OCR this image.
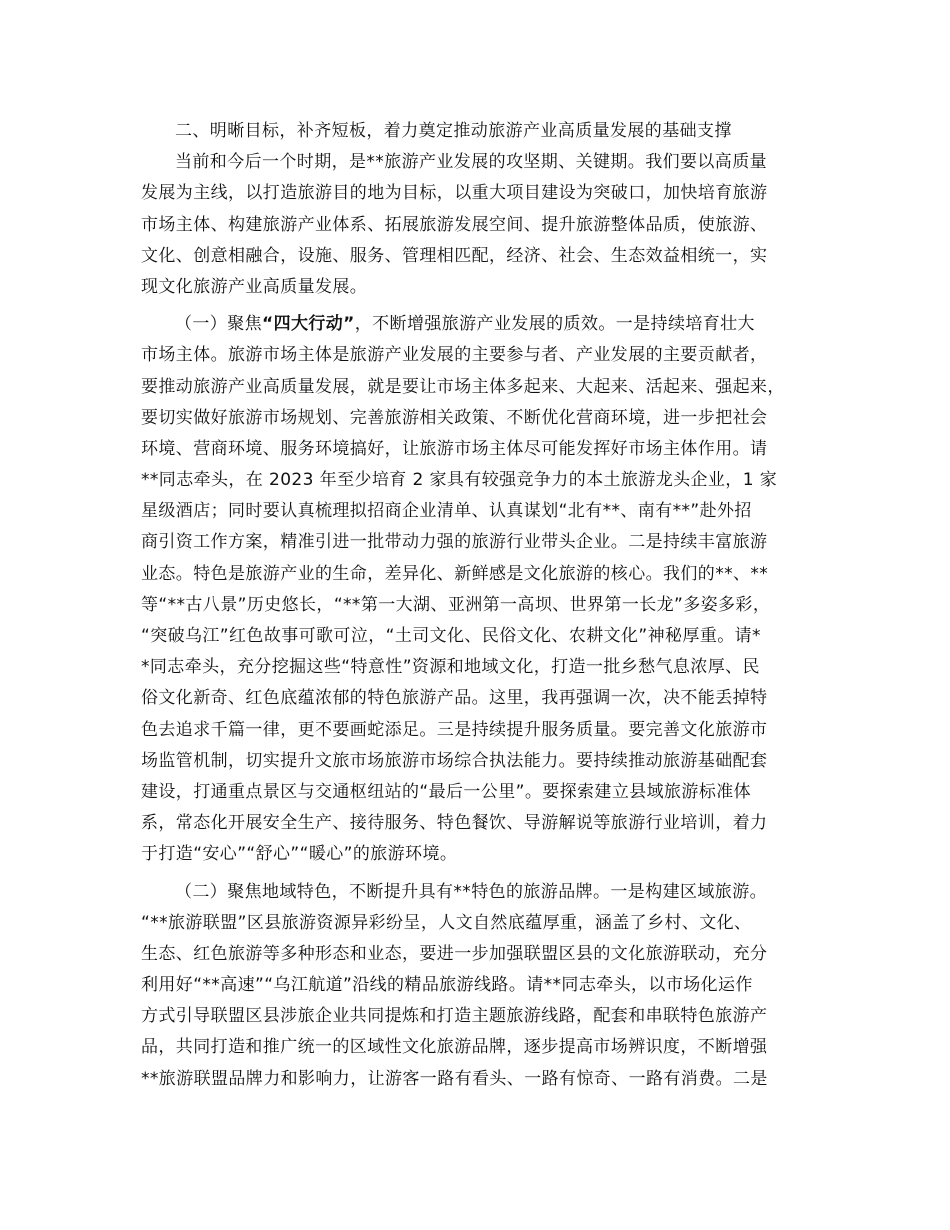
二、明晰目标，补齐短板，着力奠定推动旅游产业高质量发展的基础支撑
当前和今后一个时期，是**旅游产业发展的攻坚期、关键期。我们要以高质量
发展为主线，以打造旅游目的地为目标，以重大项目建设为突破口，加快培育旅游
市场主体、构建旅游产业体系、拓展旅游发展空间、提升旅游整体品质，使旅游、
文化、创意相融合，设施、服务、管理相匹配，经济、社会、生态效益相统一，实
现文化旅游产业高质量发展。
（一）聚焦“四大行动”，不断增强旅游产业发展的质效。一是持续培育壮大
市场主体。旅游市场主体是旅游产业发展的主要参与者、产业发展的主要贡献者，
要推动旅游产业高质量发展，就是要让市场主体多起来、大起来、活起来、强起来，
要切实做好旅游市场规划、完善旅游相关政策、不断优化营商环境，进一步把社会
环境、营商环境、服务环境搞好，让旅游市场主体尽可能发挥好市场主体作用。请
**同志牵头，在 2023 年至少培育 2 家具有较强竞争力的本土旅游龙头企业，1 家
星级酒店；同时要认真梳理拟招商企业清单、认真谋划“北有**、南有**”赴外招
商引资工作方案，精准引进一批带动力强的旅游行业带头企业。二是持续丰富旅游
业态。特色是旅游产业的生命，差异化、新鲜感是文化旅游的核心。我们的**、**
等“**古八景”历史悠长，“**第一大湖、亚洲第一高坝、世界第一长龙”多姿多彩，
“突破乌江”红色故事可歌可泣，“土司文化、民俗文化、农耕文化”神秘厚重。请*
*同志牵头，充分挖掘这些“特意性”资源和地域文化，打造一批乡愁气息浓厚、民
俗文化新奇、红色底蕴浓郁的特色旅游产品。这里，我再强调一次，决不能丢掉特
色去追求千篇一律，更不要画蛇添足。三是持续提升服务质量。要完善文化旅游市
场监管机制，切实提升文旅市场旅游市场综合执法能力。要持续推动旅游基础配套
建设，打通重点景区与交通枢纽站的“最后一公里”。要探索建立县域旅游标准体
系，常态化开展安全生产、接待服务、特色餐饮、导游解说等旅游行业培训，着力
于打造“安心”“舒心”“暖心”的旅游环境。
（二）聚焦地域特色，不断提升具有**特色的旅游品牌。一是构建区域旅游。
“**旅游联盟”区县旅游资源异彩纷呈，人文自然底蕴厚重，涵盖了乡村、文化、
生态、红色旅游等多种形态和业态，要进一步加强联盟区县的文化旅游联动，充分
利用好“**高速”“乌江航道”沿线的精品旅游线路。请**同志牵头，以市场化运作
方式引导联盟区县涉旅企业共同提炼和打造主题旅游线路，配套和串联特色旅游产
品，共同打造和推广统一的区域性文化旅游品牌，逐步提高市场辨识度，不断增强
**旅游联盟品牌力和影响力，让游客一路有看头、一路有惊奇、一路有消费。二是
